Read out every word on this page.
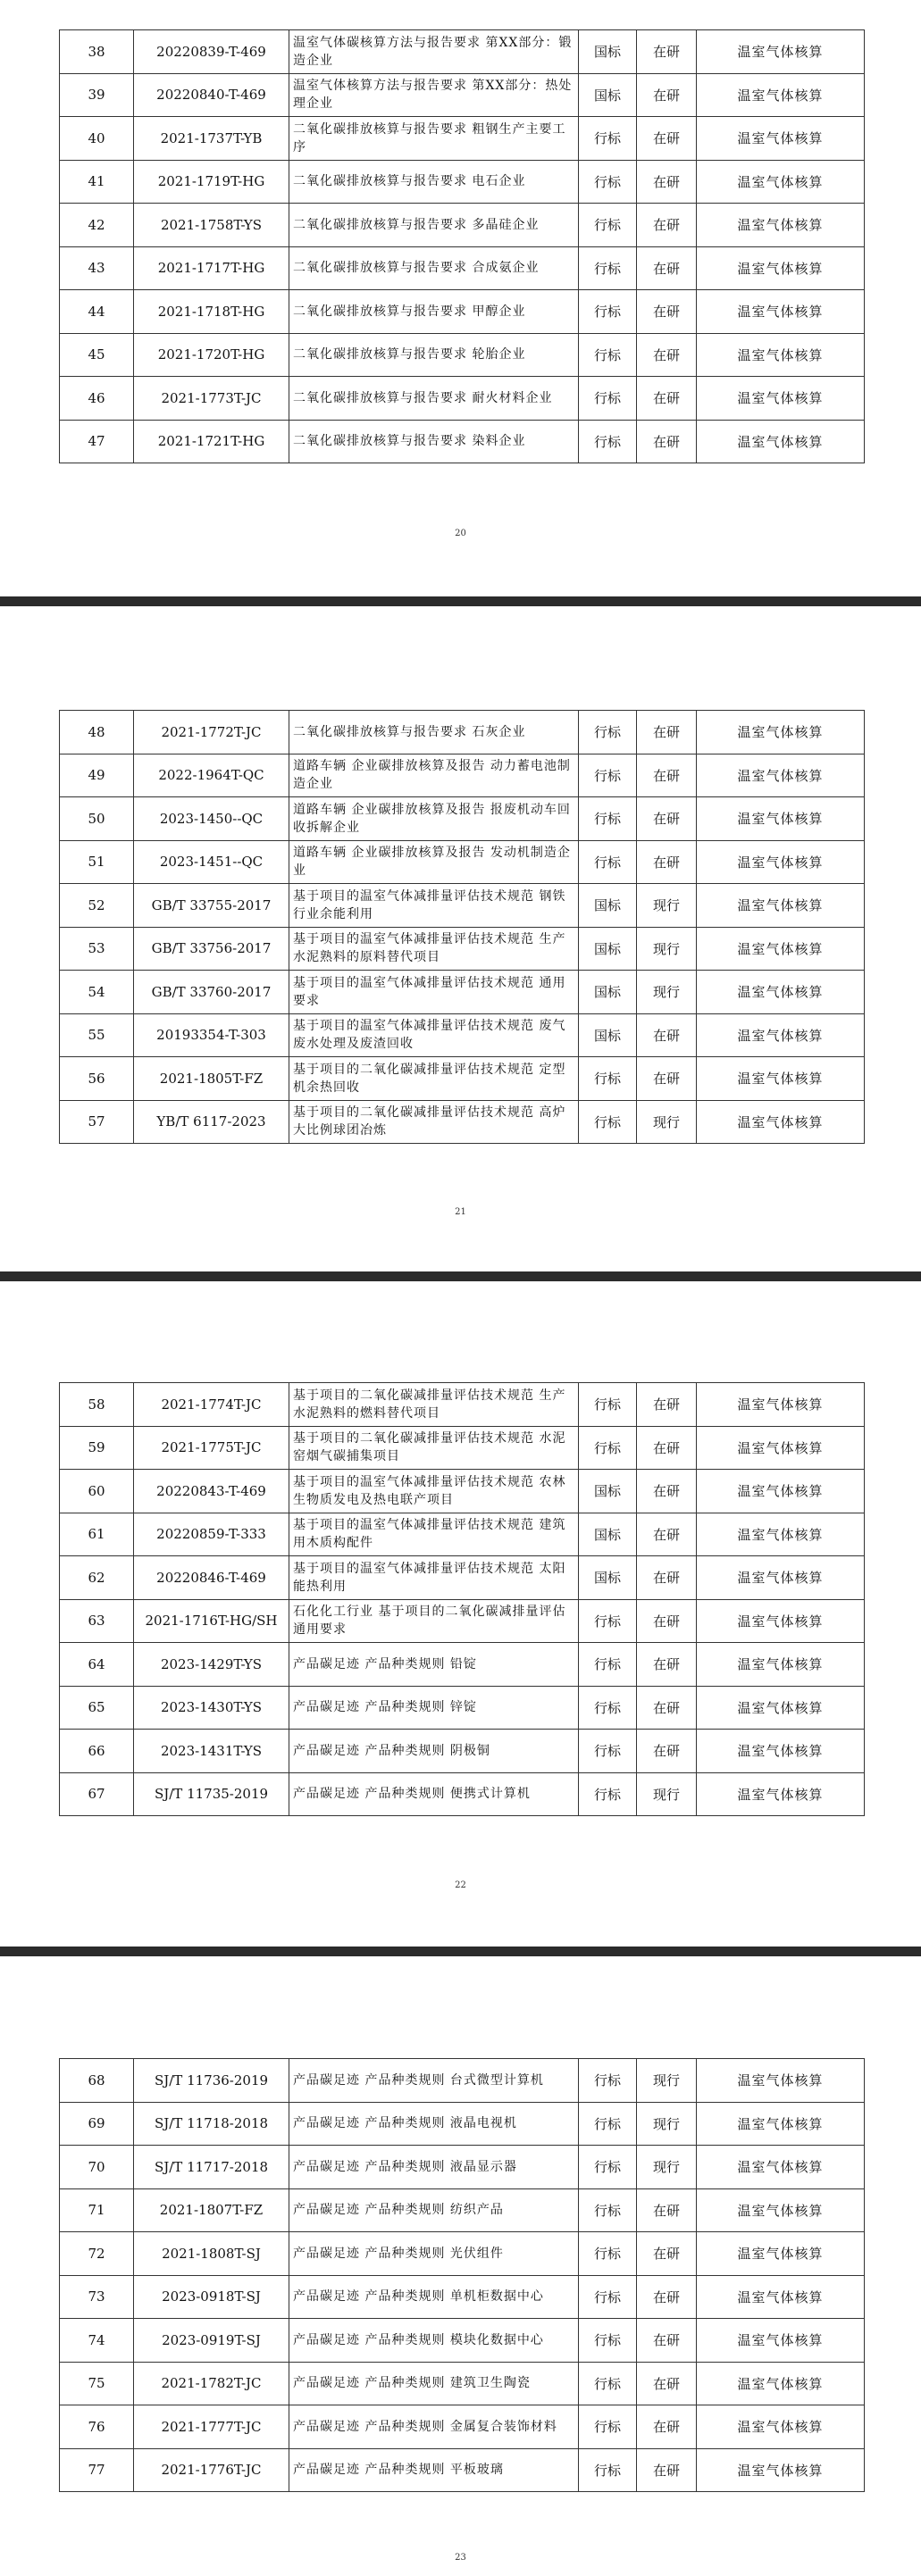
38	20220839-T-469	温室气体碳核算方法与报告要求 第XX部分：锻造企业	国标	在研	温室气体核算
39	20220840-T-469	温室气体核算方法与报告要求 第XX部分：热处理企业	国标	在研	温室气体核算
40	2021-1737T-YB	二氧化碳排放核算与报告要求 粗钢生产主要工序	行标	在研	温室气体核算
41	2021-1719T-HG	二氧化碳排放核算与报告要求 电石企业	行标	在研	温室气体核算
42	2021-1758T-YS	二氧化碳排放核算与报告要求 多晶硅企业	行标	在研	温室气体核算
43	2021-1717T-HG	二氧化碳排放核算与报告要求 合成氨企业	行标	在研	温室气体核算
44	2021-1718T-HG	二氧化碳排放核算与报告要求 甲醇企业	行标	在研	温室气体核算
45	2021-1720T-HG	二氧化碳排放核算与报告要求 轮胎企业	行标	在研	温室气体核算
46	2021-1773T-JC	二氧化碳排放核算与报告要求 耐火材料企业	行标	在研	温室气体核算
47	2021-1721T-HG	二氧化碳排放核算与报告要求 染料企业	行标	在研	温室气体核算
20
48	2021-1772T-JC	二氧化碳排放核算与报告要求 石灰企业	行标	在研	温室气体核算
49	2022-1964T-QC	道路车辆 企业碳排放核算及报告 动力蓄电池制造企业	行标	在研	温室气体核算
50	2023-1450--QC	道路车辆 企业碳排放核算及报告 报废机动车回收拆解企业	行标	在研	温室气体核算
51	2023-1451--QC	道路车辆 企业碳排放核算及报告 发动机制造企业	行标	在研	温室气体核算
52	GB/T 33755-2017	基于项目的温室气体减排量评估技术规范 钢铁行业余能利用	国标	现行	温室气体核算
53	GB/T 33756-2017	基于项目的温室气体减排量评估技术规范 生产水泥熟料的原料替代项目	国标	现行	温室气体核算
54	GB/T 33760-2017	基于项目的温室气体减排量评估技术规范 通用要求	国标	现行	温室气体核算
55	20193354-T-303	基于项目的温室气体减排量评估技术规范 废气废水处理及废渣回收	国标	在研	温室气体核算
56	2021-1805T-FZ	基于项目的二氧化碳减排量评估技术规范 定型机余热回收	行标	在研	温室气体核算
57	YB/T 6117-2023	基于项目的二氧化碳减排量评估技术规范 高炉大比例球团冶炼	行标	现行	温室气体核算
21
58	2021-1774T-JC	基于项目的二氧化碳减排量评估技术规范 生产水泥熟料的燃料替代项目	行标	在研	温室气体核算
59	2021-1775T-JC	基于项目的二氧化碳减排量评估技术规范 水泥窑烟气碳捕集项目	行标	在研	温室气体核算
60	20220843-T-469	基于项目的温室气体减排量评估技术规范 农林生物质发电及热电联产项目	国标	在研	温室气体核算
61	20220859-T-333	基于项目的温室气体减排量评估技术规范 建筑用木质构配件	国标	在研	温室气体核算
62	20220846-T-469	基于项目的温室气体减排量评估技术规范 太阳能热利用	国标	在研	温室气体核算
63	2021-1716T-HG/SH	石化化工行业 基于项目的二氧化碳减排量评估通用要求	行标	在研	温室气体核算
64	2023-1429T-YS	产品碳足迹 产品种类规则 铅锭	行标	在研	温室气体核算
65	2023-1430T-YS	产品碳足迹 产品种类规则 锌锭	行标	在研	温室气体核算
66	2023-1431T-YS	产品碳足迹 产品种类规则 阴极铜	行标	在研	温室气体核算
67	SJ/T 11735-2019	产品碳足迹 产品种类规则 便携式计算机	行标	现行	温室气体核算
22
68	SJ/T 11736-2019	产品碳足迹 产品种类规则 台式微型计算机	行标	现行	温室气体核算
69	SJ/T 11718-2018	产品碳足迹 产品种类规则 液晶电视机	行标	现行	温室气体核算
70	SJ/T 11717-2018	产品碳足迹 产品种类规则 液晶显示器	行标	现行	温室气体核算
71	2021-1807T-FZ	产品碳足迹 产品种类规则 纺织产品	行标	在研	温室气体核算
72	2021-1808T-SJ	产品碳足迹 产品种类规则 光伏组件	行标	在研	温室气体核算
73	2023-0918T-SJ	产品碳足迹 产品种类规则 单机柜数据中心	行标	在研	温室气体核算
74	2023-0919T-SJ	产品碳足迹 产品种类规则 模块化数据中心	行标	在研	温室气体核算
75	2021-1782T-JC	产品碳足迹 产品种类规则 建筑卫生陶瓷	行标	在研	温室气体核算
76	2021-1777T-JC	产品碳足迹 产品种类规则 金属复合装饰材料	行标	在研	温室气体核算
77	2021-1776T-JC	产品碳足迹 产品种类规则 平板玻璃	行标	在研	温室气体核算
23
